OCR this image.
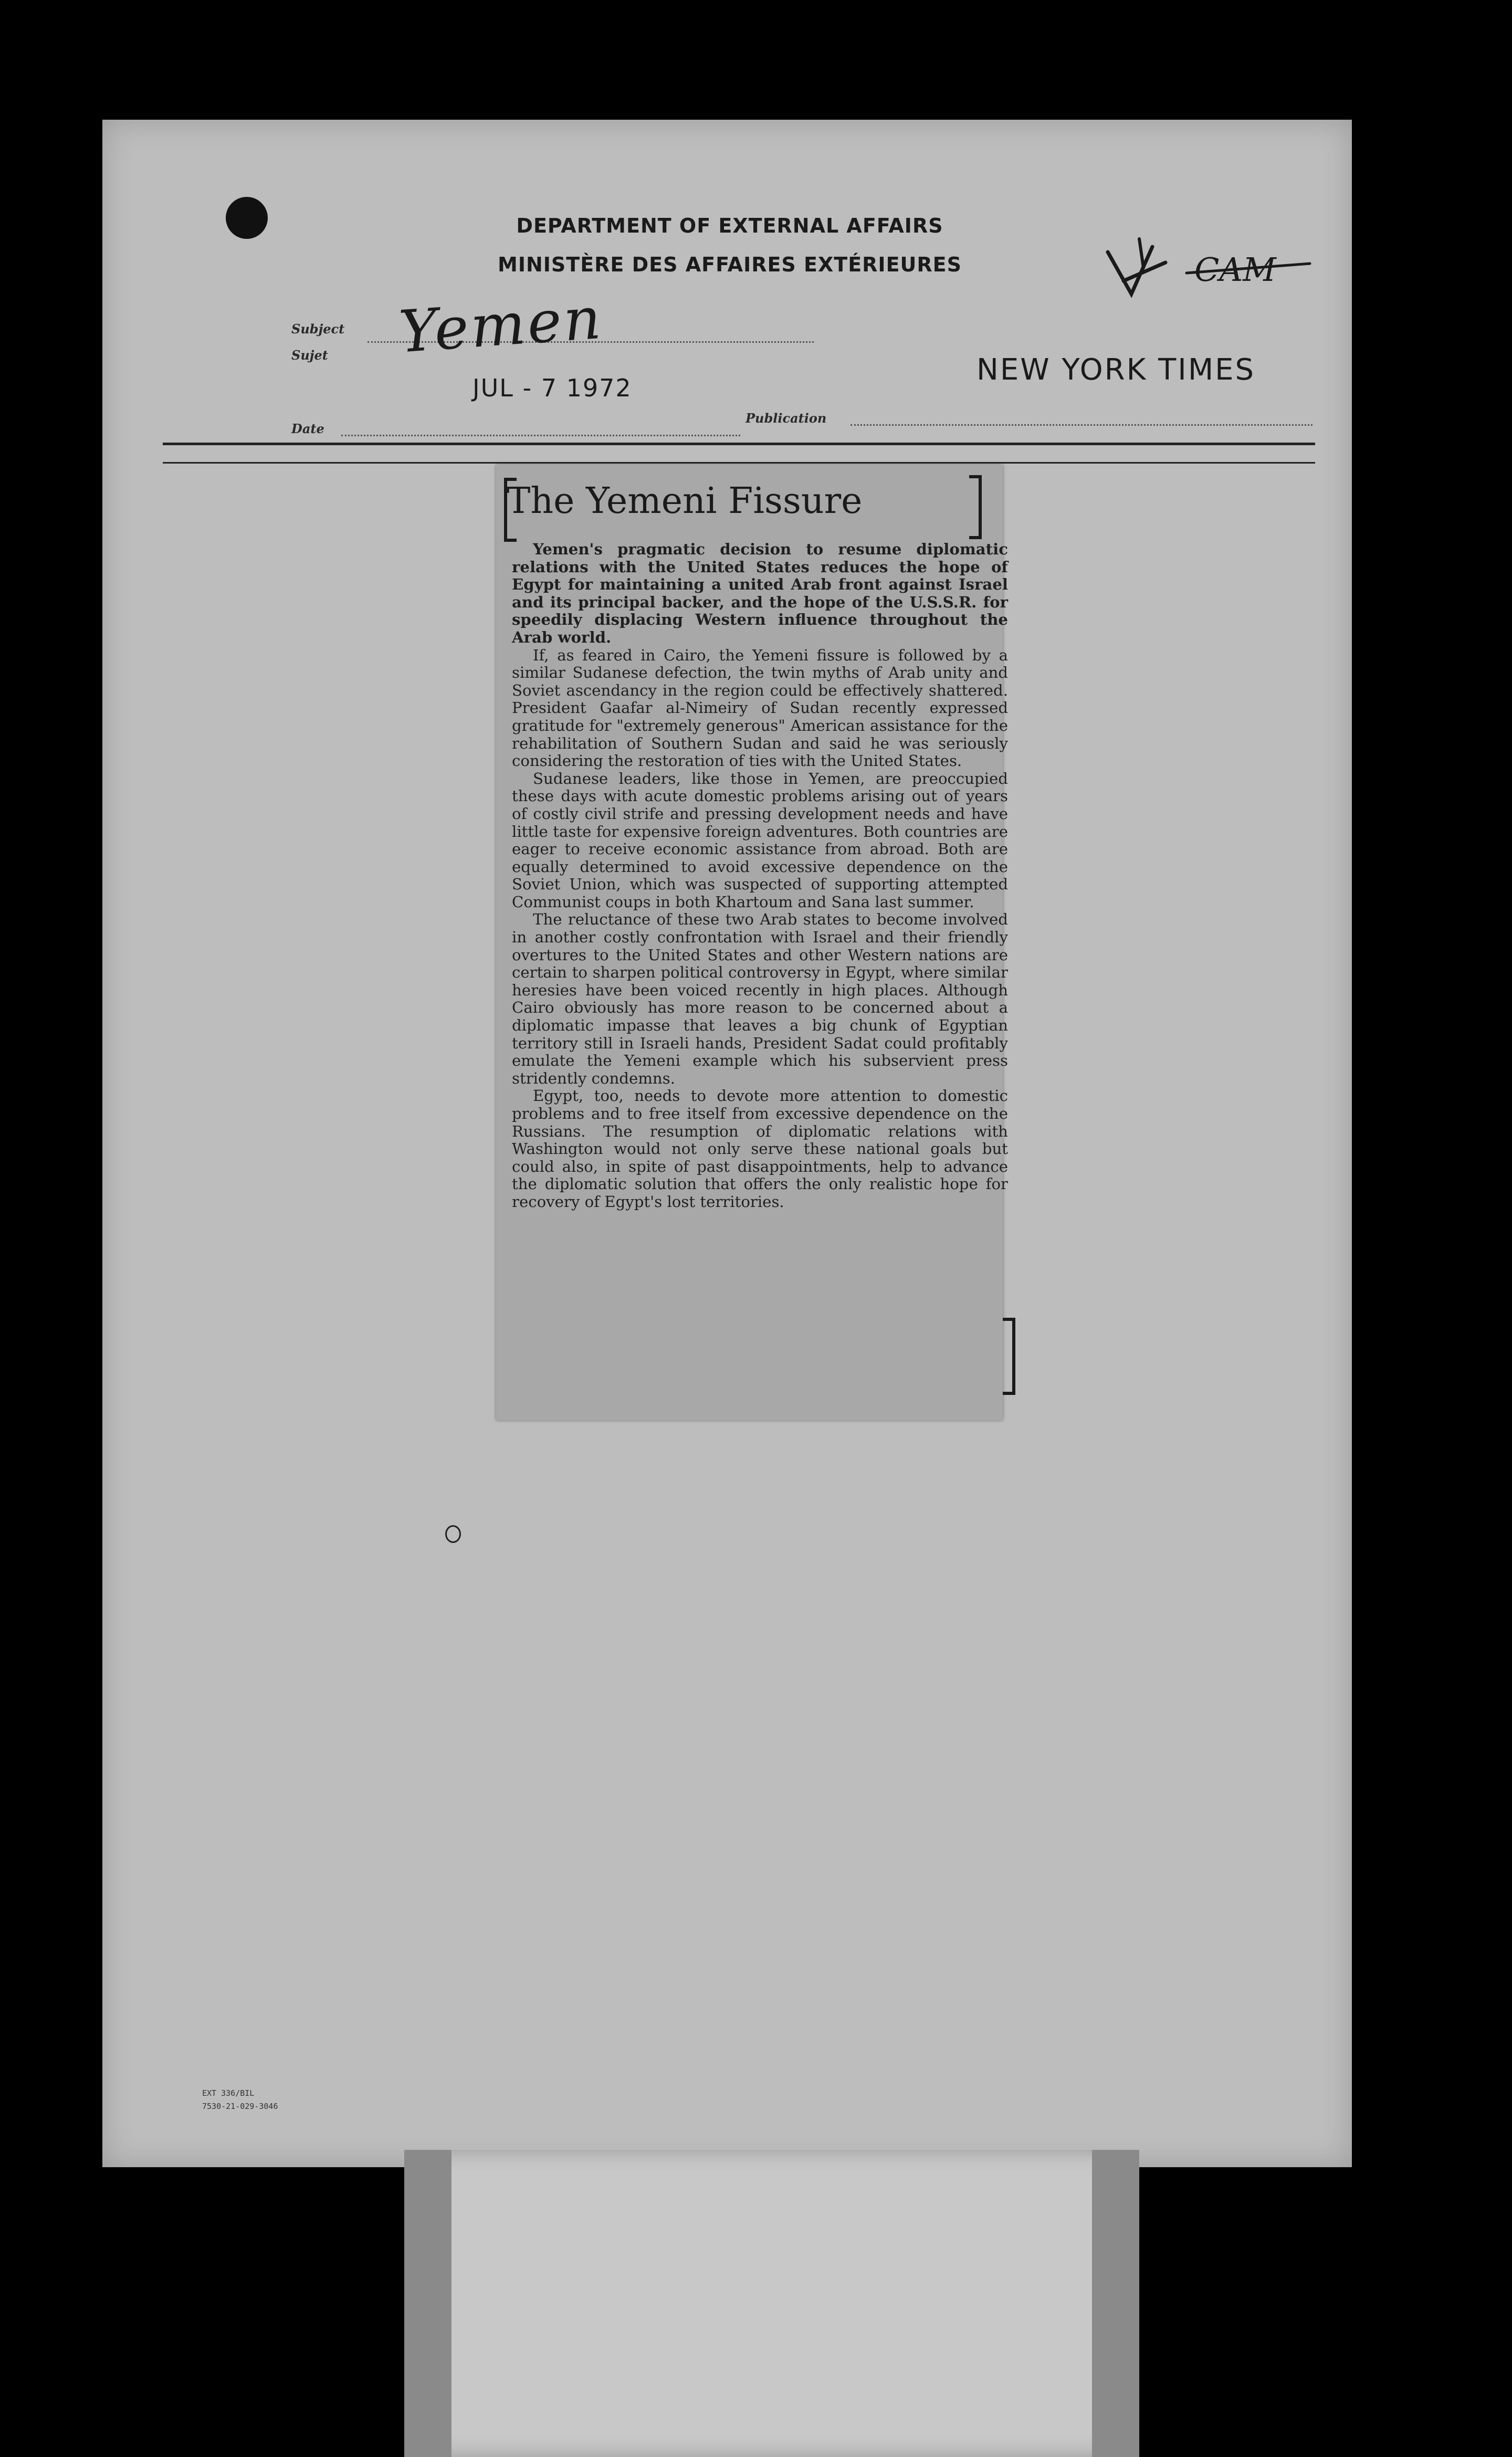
DEPARTMENT OF EXTERNAL AFFAIRS
MINISTÈRE DES AFFAIRES EXTÉRIEURES	CAM
Subject
Sujet Yemen
Date
JUL - 7 1972
Publication
NEW YORK TIMES
The Yemeni Fissure

Yemen's pragmatic decision to resume diplomatic relations with the United States reduces the hope of Egypt for maintaining a united Arab front against Israel and its principal backer, and the hope of the U.S.S.R. for speedily displacing Western influence throughout the Arab world.

If, as feared in Cairo, the Yemeni fissure is followed by a similar Sudanese defection, the twin myths of Arab unity and Soviet ascendancy in the region could be effectively shattered. President Gaafar al-Nimeiry of Sudan recently expressed gratitude for "extremely generous" American assistance for the rehabilitation of Southern Sudan and said he was seriously considering the restoration of ties with the United States.

Sudanese leaders, like those in Yemen, are preoccupied these days with acute domestic problems arising out of years of costly civil strife and pressing development needs and have little taste for expensive foreign adventures. Both countries are eager to receive economic assistance from abroad. Both are equally determined to avoid excessive dependence on the Soviet Union, which was suspected of supporting attempted Communist coups in both Khartoum and Sana last summer.

The reluctance of these two Arab states to become involved in another costly confrontation with Israel and their friendly overtures to the United States and other Western nations are certain to sharpen political controversy in Egypt, where similar heresies have been voiced recently in high places. Although Cairo obviously has more reason to be concerned about a diplomatic impasse that leaves a big chunk of Egyptian territory still in Israeli hands, President Sadat could profitably emulate the Yemeni example which his subservient press stridently condemns.

Egypt, too, needs to devote more attention to domestic problems and to free itself from excessive dependence on the Russians. The resumption of diplomatic relations with Washington would not only serve these national goals but could also, in spite of past disappointments, help to advance the diplomatic solution that offers the only realistic hope for recovery of Egypt's lost territories.

EXT 336/BIL
7530-21-029-3046
